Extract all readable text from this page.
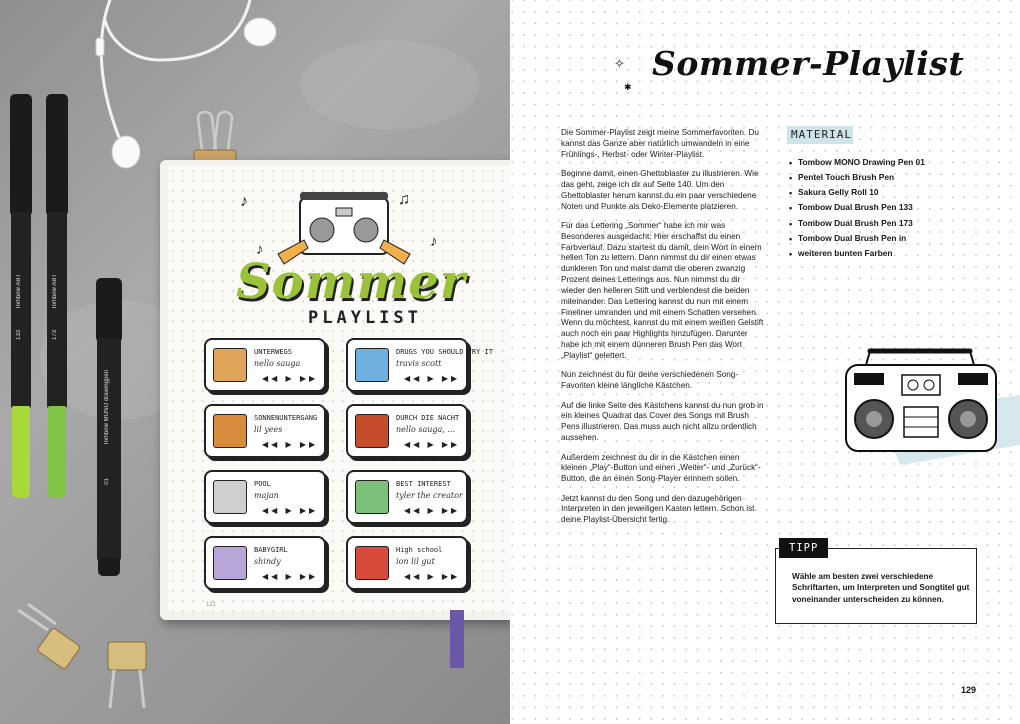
Tombow ABT
133
Tombow ABT
173
Tombow MONO drawingpen
01
♪	♫
♪	♪
Sommer
PLAYLIST
UNTERWEGS
nello sauga
◀◀ ▶ ▶▶
DRUGS YOU SHOULD TRY IT
travis scott
◀◀ ▶ ▶▶
SONNENUNTERGANG
lil yees
◀◀ ▶ ▶▶
DURCH DIE NACHT
nello sauga, ...
◀◀ ▶ ▶▶
POOL
majan
◀◀ ▶ ▶▶
BEST INTEREST
tyler the creator
◀◀ ▶ ▶▶
BABYGIRL
shindy
◀◀ ▶ ▶▶
High school
ion lil gut
◀◀ ▶ ▶▶
121
✧
✱
Sommer-Playlist

Die Sommer-Playlist zeigt meine Sommerfavoriten. Du kannst das Ganze aber natürlich umwandeln in eine Frühlings-, Herbst- oder Winter-Playlist.

Beginne damit, einen Ghettoblaster zu illustrieren. Wie das geht, zeige ich dir auf Seite 140. Um den Ghettoblaster herum kannst du ein paar verschiedene Noten und Punkte als Deko-Elemente platzieren.

Für das Lettering „Sommer“ habe ich mir was Besonderes ausgedacht: Hier erschaffst du einen Farbverlauf. Dazu startest du damit, dein Wort in einem hellen Ton zu lettern. Dann nimmst du dir einen etwas dunkleren Ton und malst damit die oberen zwanzig Prozent deines Letterings aus. Nun nimmst du dir wieder den helleren Stift und verblendest die beiden miteinander. Das Lettering kannst du nun mit einem Fineliner umranden und mit einem Schatten versehen. Wenn du möchtest, kannst du mit einem weißen Gelstift auch noch ein paar Highlights hinzufügen. Darunter habe ich mit einem dünneren Brush Pen das Wort „Playlist“ gelettert.

Nun zeichnest du für deine verschiedenen Song-Favoriten kleine längliche Kästchen.

Auf die linke Seite des Kästchens kannst du nun grob in ein kleines Quadrat das Cover des Songs mit Brush Pens illustrieren. Das muss auch nicht allzu ordentlich aussehen.

Außerdem zeichnest du dir in die Kästchen einen kleinen „Play“-Button und einen „Weiter“- und „Zurück“- Button, die an einen Song-Player erinnern sollen.

Jetzt kannst du den Song und den dazugehörigen Interpreten in den jeweiligen Kasten lettern. Schon ist deine Playlist-Übersicht fertig.

MATERIAL
• Tombow MONO Drawing Pen 01
• Pentel Touch Brush Pen
• Sakura Gelly Roll 10
• Tombow Dual Brush Pen 133
• Tombow Dual Brush Pen 173
• Tombow Dual Brush Pen in
• weiteren bunten Farben
TIPP
Wähle am besten zwei verschiedene Schriftarten, um Interpreten und Songtitel gut voneinander unterscheiden zu können.
129
